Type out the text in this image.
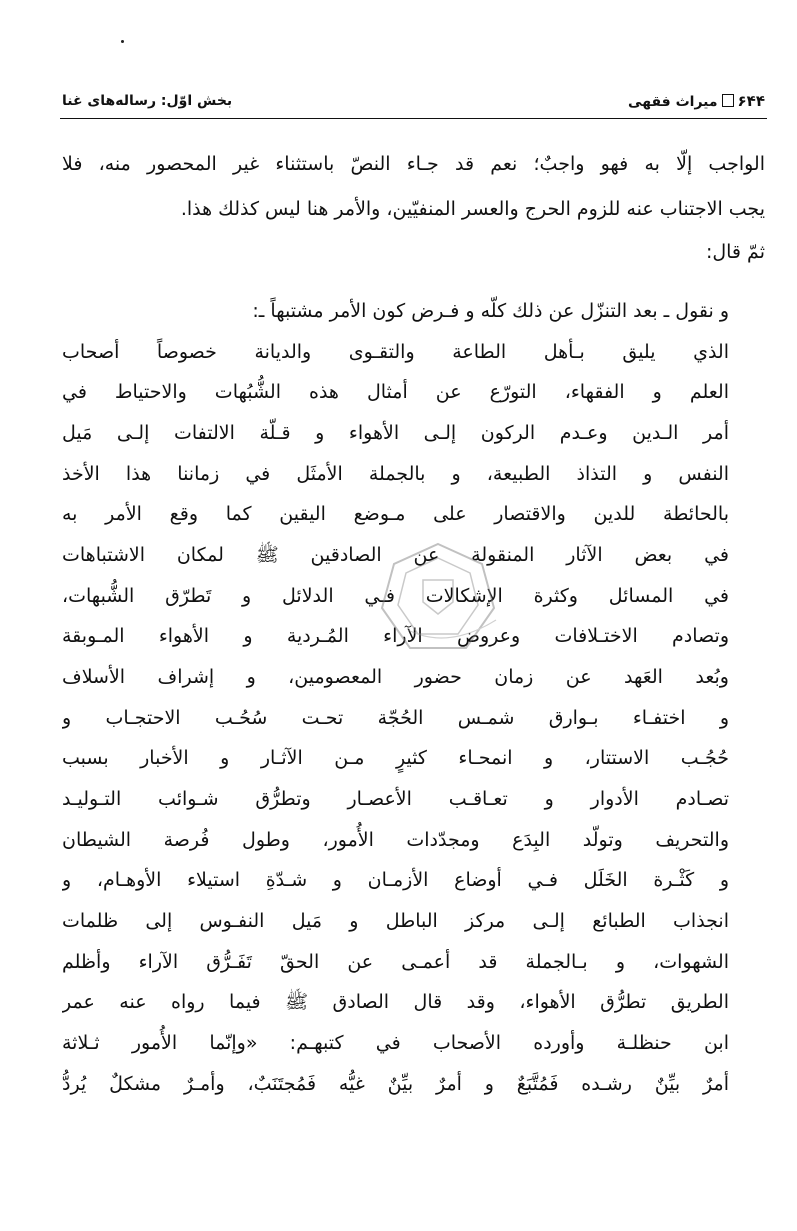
۶۴۴میراث فقهی
بخش اوّل: رساله‌های غنا
الواجب إلّا به فهو واجبٌ؛ نعم قد جـاء النصّ باستثناء غير المحصور منه، فلا
يجب الاجتناب عنه للزوم الحرج والعسر المنفيّين، والأمر هنا ليس كذلك هذا.
ثمّ قال:
و نقول ـ بعد التنزّل عن ذلك كلّه و فـرض كون الأمر مشتبهاً ـ:
الذي يليق بـأهل الطاعة والتقـوى والديانة خصوصاً أصحاب
العلم و الفقهاء، التورّع عن أمثال هذه الشُّبُهات والاحتياط في
أمر الـدين وعـدم الركون إلـى الأهواء و قـلّة الالتفات إلـى مَيل
النفس و التذاذ الطبيعة، و بالجملة الأمثَل في زماننا هذا الأخذ
بالحائطة للدين والاقتصار على مـوضع اليقين كما وقع الأمر به
في بعض الآثار المنقولة عن الصادقين ﷺ لمكان الاشتباهات
في المسائل وكثرة الإشكالات فـي الدلائل و تَطرّق الشُّبهات،
وتصادم الاختـلافات وعروض الآراء المُـردية و الأهواء المـوبقة
وبُعد العَهد عن زمان حضور المعصومين، و إشراف الأسلاف
و اختفـاء بـوارق شمـس الحُجّة تحـت سُحُـب الاحتجـاب و
حُجُـب الاستتار، و انمحـاء كثيرٍ مـن الآثـار و الأخبار بسبب
تصـادم الأدوار و تعـاقـب الأعصـار وتطرُّق شـوائب التـوليـد
والتحريف وتولّد البِدَع ومجدّدات الأُمور، وطول فُرصة الشيطان
و كَثْـرة الخَلَل فـي أوضاع الأزمـان و شـدّةِ استيلاء الأوهـام، و
انجذاب الطبائع إلـى مركز الباطل و مَيل النفـوس إلى ظلمات
الشهوات، و بـالجملة قد أعمـى عن الحقّ تَفَـرُّق الآراء وأظلم
الطريق تطرُّق الأهواء، وقد قال الصادق ﷺ فيما رواه عنه عمر
ابن حنظلـة وأورده الأصحاب في كتبهـم: «وإنّما الأُمور ثـلاثة
أمرٌ بيِّنٌ رشـده فَمُتَّبَعٌ و أمرٌ بيِّنٌ غيُّه فَمُجتَنَبٌ، وأمـرٌ مشكلٌ يُردُّ
